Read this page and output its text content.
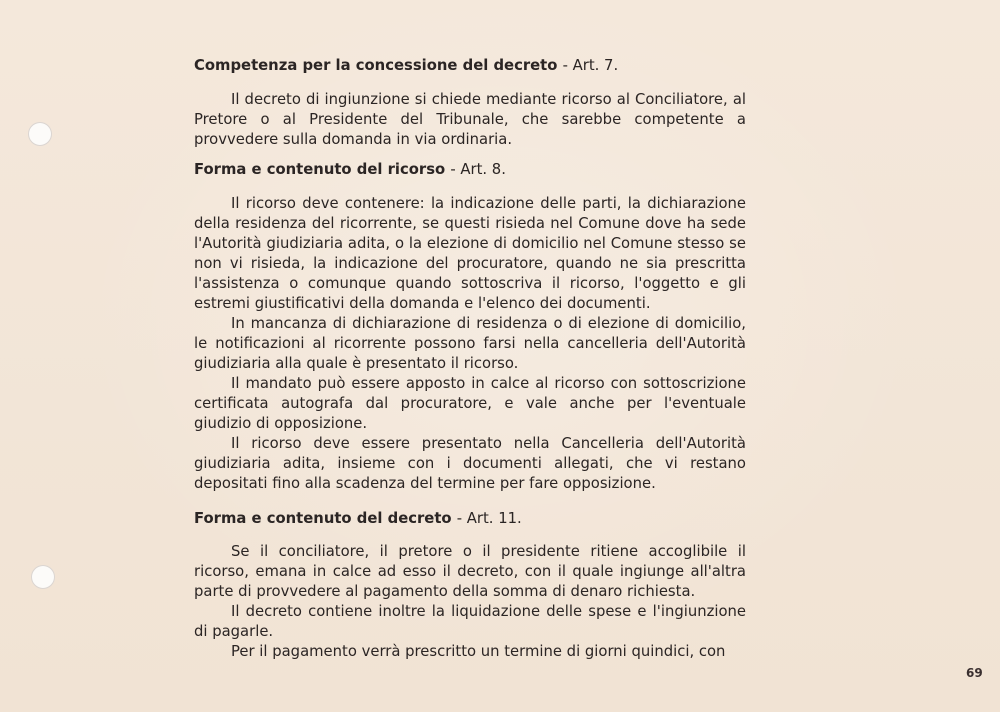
Competenza per la concessione del decreto - Art. 7.

Il decreto di ingiunzione si chiede mediante ricorso al Conciliatore, al Pretore o al Presidente del Tribunale, che sarebbe competente a provvedere sulla domanda in via ordinaria.

Forma e contenuto del ricorso - Art. 8.

Il ricorso deve contenere: la indicazione delle parti, la dichiarazione della residenza del ricorrente, se questi risieda nel Comune dove ha sede l'Autorità giudiziaria adita, o la elezione di domicilio nel Comune stesso se non vi risieda, la indicazione del procuratore, quando ne sia prescritta l'assistenza o comunque quando sottoscriva il ricorso, l'oggetto e gli estremi giustificativi della domanda e l'elenco dei documenti.

In mancanza di dichiarazione di residenza o di elezione di domicilio, le notificazioni al ricorrente possono farsi nella cancelleria dell'Autorità giudiziaria alla quale è presentato il ricorso.

Il mandato può essere apposto in calce al ricorso con sottoscrizione certificata autografa dal procuratore, e vale anche per l'eventuale giudizio di opposizione.

Il ricorso deve essere presentato nella Cancelleria dell'Autorità giudiziaria adita, insieme con i documenti allegati, che vi restano depositati fino alla scadenza del termine per fare opposizione.

Forma e contenuto del decreto - Art. 11.

Se il conciliatore, il pretore o il presidente ritiene accoglibile il ricorso, emana in calce ad esso il decreto, con il quale ingiunge all'altra parte di provvedere al pagamento della somma di denaro richiesta.

Il decreto contiene inoltre la liquidazione delle spese e l'ingiunzione di pagarle.

Per il pagamento verrà prescritto un termine di giorni quindici, con

69
